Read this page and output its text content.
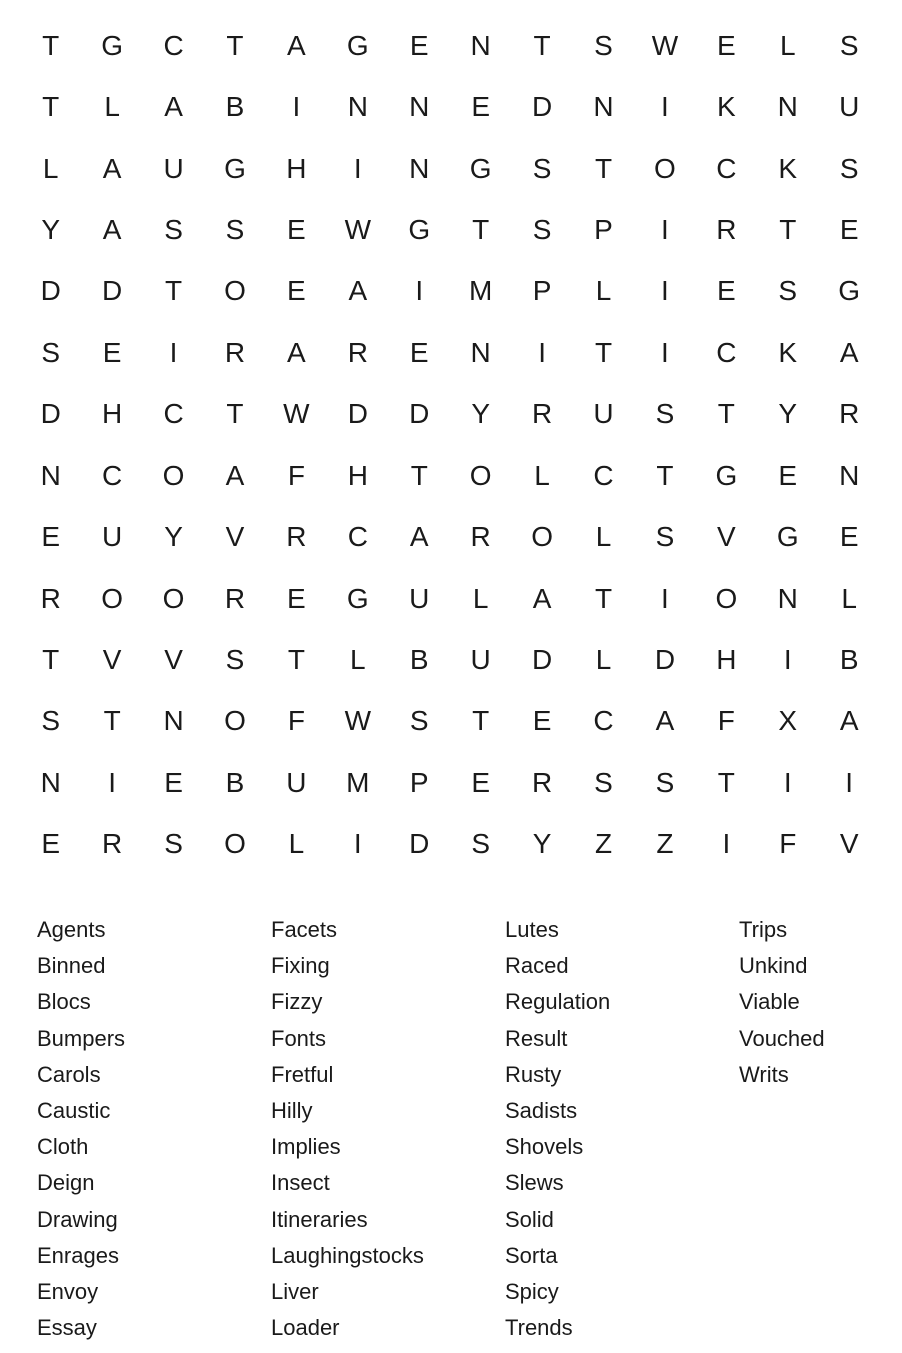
T	G	C	T	A	G	E	N	T	S	W	E	L	S
T	L	A	B	I	N	N	E	D	N	I	K	N	U
L	A	U	G	H	I	N	G	S	T	O	C	K	S
Y	A	S	S	E	W	G	T	S	P	I	R	T	E
D	D	T	O	E	A	I	M	P	L	I	E	S	G
S	E	I	R	A	R	E	N	I	T	I	C	K	A
D	H	C	T	W	D	D	Y	R	U	S	T	Y	R
N	C	O	A	F	H	T	O	L	C	T	G	E	N
E	U	Y	V	R	C	A	R	O	L	S	V	G	E
R	O	O	R	E	G	U	L	A	T	I	O	N	L
T	V	V	S	T	L	B	U	D	L	D	H	I	B
S	T	N	O	F	W	S	T	E	C	A	F	X	A
N	I	E	B	U	M	P	E	R	S	S	T	I	I
E	R	S	O	L	I	D	S	Y	Z	Z	I	F	V
Agents
Binned
Blocs
Bumpers
Carols
Caustic
Cloth
Deign
Drawing
Enrages
Envoy
Essay
Facets
Fixing
Fizzy
Fonts
Fretful
Hilly
Implies
Insect
Itineraries
Laughingstocks
Liver
Loader
Lutes
Raced
Regulation
Result
Rusty
Sadists
Shovels
Slews
Solid
Sorta
Spicy
Trends
Trips
Unkind
Viable
Vouched
Writs
